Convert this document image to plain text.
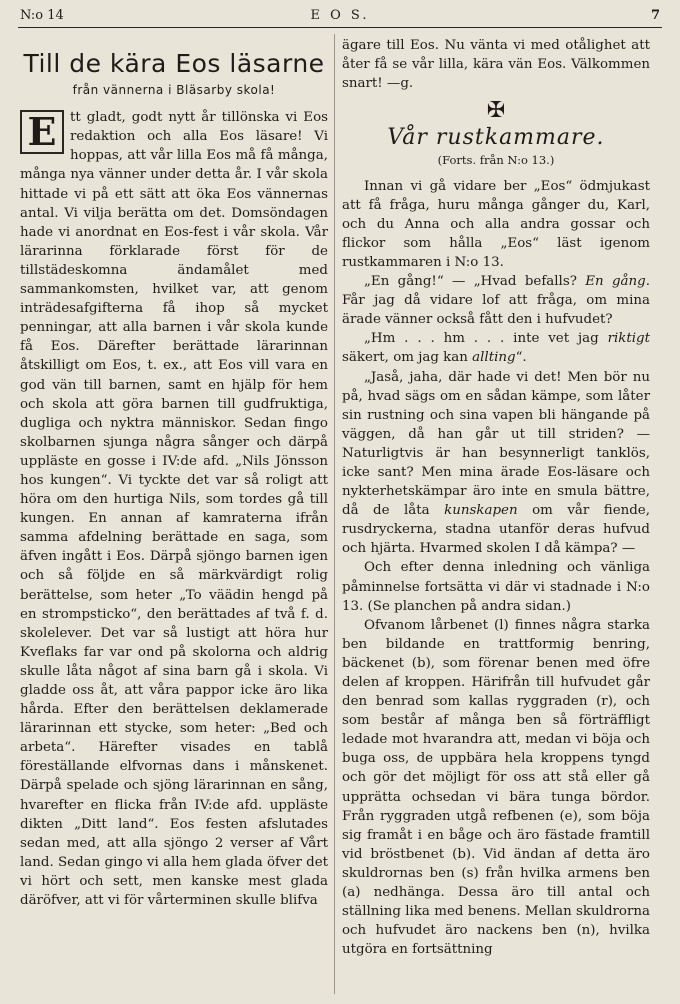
N:o 14	E O S.	7
Till de kära Eos läsarne
från vännerna i Bläsarby skola!
E	tt gladt, godt nytt år tillönska vi Eos redaktion och alla Eos läsare! Vi hoppas, att vår lilla Eos må få många, många nya vänner under detta år. I vår skola hittade vi på ett sätt att öka Eos vännernas antal. Vi vilja berätta om det. Domsöndagen hade vi anordnat en Eos-fest i vår skola. Vår lärarinna förklarade först för de tillstädeskomna ändamålet med sammankomsten, hvilket var, att genom inträdesafgifterna få ihop så mycket penningar, att alla barnen i vår skola kunde få Eos. Därefter berättade lärarinnan åtskilligt om Eos, t. ex., att Eos vill vara en god vän till barnen, samt en hjälp för hem och skola att göra barnen till gudfruktiga, dugliga och nyktra människor. Sedan fingo skolbarnen sjunga några sånger och därpå uppläste en gosse i IV:de afd. „Nils Jönsson hos kungen“. Vi tyckte det var så roligt att höra om den hurtiga Nils, som tordes gå till kungen. En annan af kamraterna ifrån samma afdelning berättade en saga, som äfven ingått i Eos. Därpå sjöngo barnen igen och så följde en så märkvärdigt rolig berättelse, som heter „To väädin hengd på en strompsticko“, den berättades af två f. d. skolelever. Det var så lustigt att höra hur Kveflaks far var ond på skolorna och aldrig skulle låta något af sina barn gå i skola. Vi gladde oss åt, att våra pappor icke äro lika hårda. Efter den berättelsen deklamerade lärarinnan ett stycke, som heter: „Bed och arbeta“. Härefter visades en tablå föreställande elfvornas dans i månskenet. Därpå spelade och sjöng lärarinnan en sång, hvarefter en flicka från IV:de afd. uppläste dikten „Ditt land“. Eos festen afslutades sedan med, att alla sjöngo 2 verser af Vårt land. Sedan gingo vi alla hem glada öfver det vi hört och sett, men kanske mest glada däröfver, att vi för vårterminen skulle blifva

ägare till Eos. Nu vänta vi med otålighet att åter få se vår lilla, kära vän Eos. Välkommen snart! —g.

✠
Vår rustkammare.
(Forts. från N:o 13.)

Innan vi gå vidare ber „Eos“ ödmjukast att få fråga, huru många gånger du, Karl, och du Anna och alla andra gossar och flickor som hålla „Eos“ läst igenom rustkammaren i N:o 13.

„En gång!“ — „Hvad befalls? En gång. Får jag då vidare lof att fråga, om mina ärade vänner också fått den i hufvudet?

„Hm . . . hm . . . inte vet jag riktigt säkert, om jag kan allting“.

„Jaså, jaha, där hade vi det! Men bör nu på, hvad sägs om en sådan kämpe, som låter sin rustning och sina vapen bli hängande på väggen, då han går ut till striden? — Naturligtvis är han besynnerligt tanklös, icke sant? Men mina ärade Eos-läsare och nykterhetskämpar äro inte en smula bättre, då de låta kunskapen om vår fiende, rusdryckerna, stadna utanför deras hufvud och hjärta. Hvarmed skolen I då kämpa? —

Och efter denna inledning och vänliga påminnelse fortsätta vi där vi stadnade i N:o 13. (Se planchen på andra sidan.)

Ofvanom lårbenet (l) finnes några starka ben bildande en trattformig benring, bäckenet (b), som förenar benen med öfre delen af kroppen. Härifrån till hufvudet går den benrad som kallas ryggraden (r), och som består af många ben så förträffligt ledade mot hvarandra att, medan vi böja och buga oss, de uppbära hela kroppens tyngd och gör det möjligt för oss att stå eller gå upprätta ochsedan vi bära tunga bördor. Från ryggraden utgå refbenen (e), som böja sig framåt i en båge och äro fästade framtill vid bröstbenet (b). Vid ändan af detta äro skuldrornas ben (s) från hvilka armens ben (a) nedhänga. Dessa äro till antal och ställning lika med benens. Mellan skuldrorna och hufvudet äro nackens ben (n), hvilka utgöra en fortsättning
